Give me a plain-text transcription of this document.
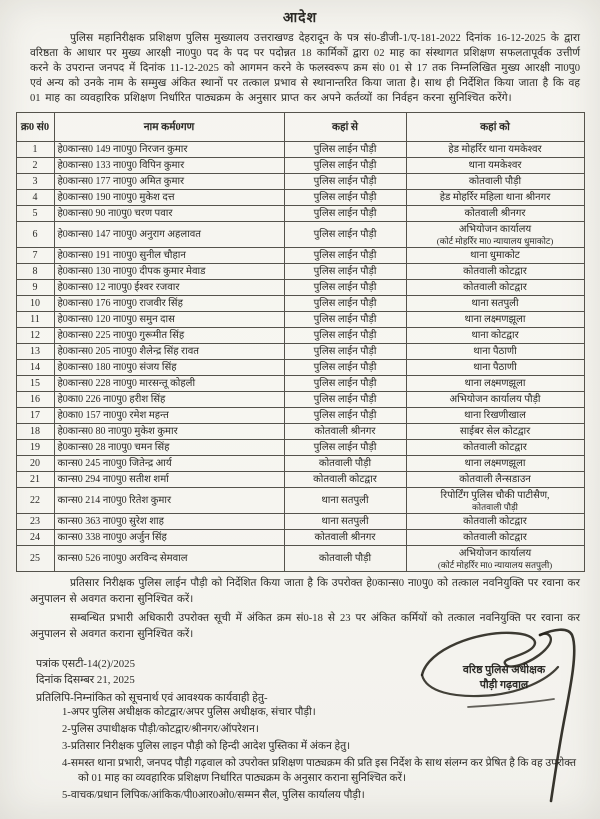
आदेश

पुलिस महानिरीक्षक प्रशिक्षण पुलिस मुख्यालय उत्तराखण्ड देहरादून के पत्र सं0-डीजी-1/ए-181-2022 दिनांक 16-12-2025 के द्वारा वरिष्ठता के आधार पर मुख्य आरक्षी ना0पु0 पद के पद पर पदोन्नत 18 कार्मिकों द्वारा 02 माह का संस्थागत प्रशिक्षण सफलतापूर्वक उत्तीर्ण करने के उपरान्त जनपद में दिनांक 11-12-2025 को आगमन करने के फलस्वरूप क्रम सं0 01 से 17 तक निम्नलिखित मुख्य आरक्षी ना0पु0 एवं अन्य को उनके नाम के सम्मुख अंकित स्थानों पर तत्काल प्रभाव से स्थानान्तरित किया जाता है। साथ ही निर्देशित किया जाता है कि वह 01 माह का व्यवहारिक प्रशिक्षण निर्धारित पाठ्यक्रम के अनुसार प्राप्त कर अपने कर्तव्यों का निर्वहन करना सुनिश्चित करेंगे।

क्र0 सं0	नाम कर्म0गण	कहां से	कहां को
1	हे0कान्स0 149 ना0पु0 निरजन कुमार	पुलिस लाईन पौड़ी	हेड मोहर्रिर थाना यमकेश्वर

2	हे0कान्स0 133 ना0पु0 विपिन कुमार	पुलिस लाईन पौड़ी	थाना यमकेश्वर

3	हे0कान्स0 177 ना0पु0 अमित कुमार	पुलिस लाईन पौड़ी	कोतवाली पौड़ी

4	हे0कान्स0 190 ना0पु0 मुकेश दत्त	पुलिस लाईन पौड़ी	हेड मोहर्रिर महिला थाना श्रीनगर

5	हे0कान्स0 90 ना0पु0 चरण पवार	पुलिस लाईन पौड़ी	कोतवाली श्रीनगर

6	हे0कान्स0 147 ना0पु0 अनुराग अहलावत	पुलिस लाईन पौड़ी	अभियोजन कार्यालय
(कोर्ट मोहर्रिर मा0 न्यायालय धुमाकोट)

7	हे0कान्स0 191 ना0पु0 सुनील चौहान	पुलिस लाईन पौड़ी	थाना धुमाकोट

8	हे0कान्स0 130 ना0पु0 दीपक कुमार मेवाड	पुलिस लाईन पौड़ी	कोतवाली कोटद्वार

9	हे0कान्स0 12 ना0पु0 ईश्वर रजवार	पुलिस लाईन पौड़ी	कोतवाली कोटद्वार

10	हे0कान्स0 176 ना0पु0 राजवीर सिंह	पुलिस लाईन पौड़ी	थाना सतपुली

11	हे0कान्स0 120 ना0पु0 समुन दास	पुलिस लाईन पौड़ी	थाना लक्ष्मणझूला

12	हे0कान्स0 225 ना0पु0 गुरूमीत सिंह	पुलिस लाईन पौड़ी	थाना कोटद्वार

13	हे0कान्स0 205 ना0पु0 शैलेन्द्र सिंह रावत	पुलिस लाईन पौड़ी	थाना पैठाणी

14	हे0कान्स0 180 ना0पु0 संजय सिंह	पुलिस लाईन पौड़ी	थाना पैठाणी

15	हे0कान्स0 228 ना0पु0 मारसन्तू कोहली	पुलिस लाईन पौड़ी	थाना लक्ष्मणझूला

16	हे0का0 226 ना0पु0 हरीश सिंह	पुलिस लाईन पौड़ी	अभियोजन कार्यालय पौड़ी

17	हे0का0 157 ना0पु0 रमेश महन्त	पुलिस लाईन पौड़ी	थाना रिखणीखाल

18	हे0कान्स0 80 ना0पु0 मुकेश कुमार	कोतवाली श्रीनगर	साईबर सेल कोटद्वार

19	हे0कान्स0 28 ना0पु0 चमन सिंह	पुलिस लाईन पौड़ी	कोतवाली कोटद्वार

20	कान्स0 245 ना0पु0 जितेन्द्र आर्य	कोतवाली पौड़ी	थाना लक्ष्मणझूला

21	कान्स0 294 ना0पु0 सतीश शर्मा	कोतवाली कोटद्वार	कोतवाली लैन्सडाउन

22	कान्स0 214 ना0पु0 रितेश कुमार	थाना सतपुली	रिपोर्टिंग पुलिस चौकी पाटीसैण,
कोतवाली पौड़ी

23	कान्स0 363 ना0पु0 सुरेश शाह	थाना सतपुली	कोतवाली कोटद्वार

24	कान्स0 338 ना0पु0 अर्जुन सिंह	कोतवाली श्रीनगर	कोतवाली कोटद्वार

25	कान्स0 526 ना0पु0 अरविन्द सेमवाल	कोतवाली पौड़ी	अभियोजन कार्यालय
(कोर्ट मोहर्रिर मा0 न्यायालय सतपुली)

प्रतिसार निरीक्षक पुलिस लाईन पौड़ी को निर्देशित किया जाता है कि उपरोक्त हे0कान्स0 ना0पु0 को तत्काल नवनियुक्ति पर रवाना कर अनुपालन से अवगत कराना सुनिश्चित करें।

सम्बन्धित प्रभारी अधिकारी उपरोक्त सूची में अंकित क्रम सं0-18 से 23 पर अंकित कर्मियों को तत्काल नवनियुक्ति पर रवाना कर अनुपालन से अवगत कराना सुनिश्चित करें।

पत्रांक एसटी-14(2)/2025
दिनांक दिसम्बर 21, 2025
प्रतिलिपि-निम्नांकित को सूचनार्थ एवं आवश्यक कार्यवाही हेतु-
1-अपर पुलिस अधीक्षक कोटद्वार/अपर पुलिस अधीक्षक, संचार पौड़ी।
2-पुलिस उपाधीक्षक पौड़ी/कोटद्वार/श्रीनगर/ऑपरेशन।
3-प्रतिसार निरीक्षक पुलिस लाइन पौड़ी को हिन्दी आदेश पुस्तिका में अंकन हेतु।
4-समस्त थाना प्रभारी, जनपद पौड़ी गढ़वाल को उपरोक्त प्रशिक्षण पाठ्यक्रम की प्रति इस निर्देश के साथ संलग्न कर प्रेषित है कि वह उपरोक्त को 01 माह का व्यवहारिक प्रशिक्षण निर्धारित पाठ्यक्रम के अनुसार कराना सुनिश्चित करें।
5-वाचक/प्रधान लिपिक/आंकिक/पी0आर0ओ0/सम्मन सैल, पुलिस कार्यालय पौड़ी।
वरिष्ठ पुलिस अधीक्षक
पौड़ी गढ़वाल
